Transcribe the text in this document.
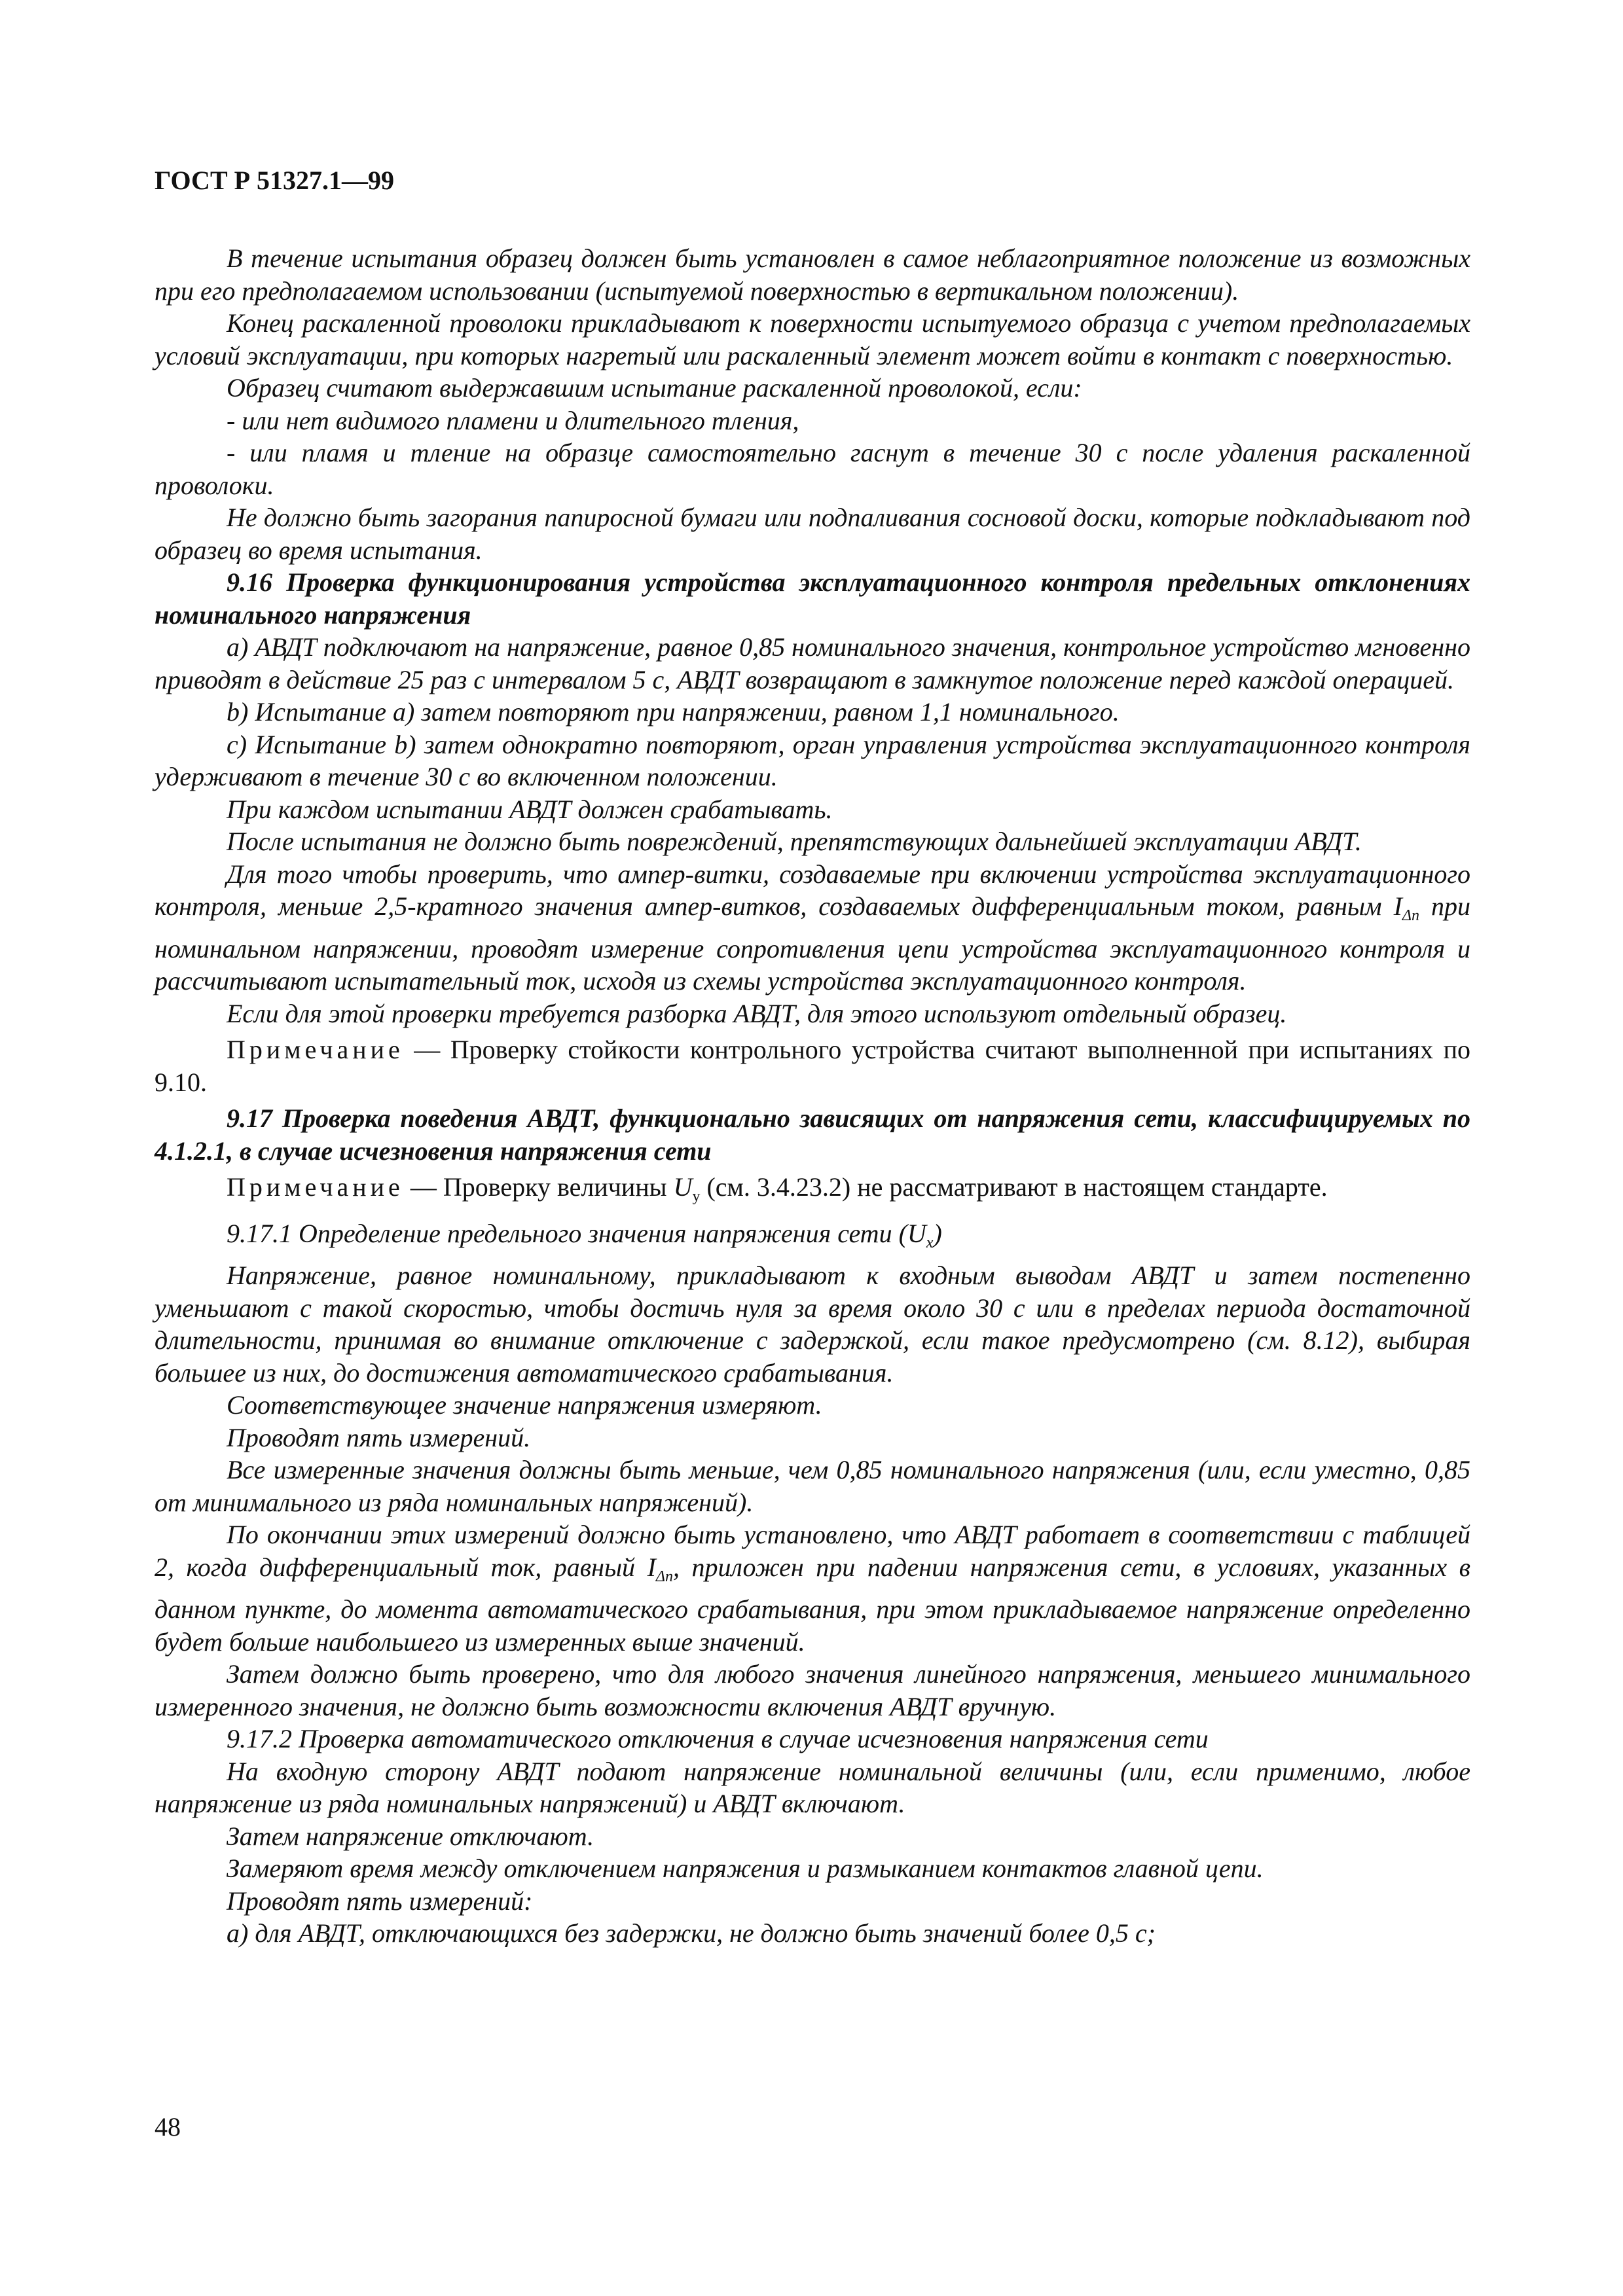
ГОСТ Р 51327.1—99

В течение испытания образец должен быть установлен в самое неблагоприятное положение из возможных при его предполагаемом использовании (испытуемой поверхностью в вертикальном положении).

Конец раскаленной проволоки прикладывают к поверхности испытуемого образца с учетом предполагаемых условий эксплуатации, при которых нагретый или раскаленный элемент может войти в контакт с поверхностью.

Образец считают выдержавшим испытание раскаленной проволокой, если:

- или нет видимого пламени и длительного тления,

- или пламя и тление на образце самостоятельно гаснут в течение 30 с после удаления раскаленной проволоки.

Не должно быть загорания папиросной бумаги или подпаливания сосновой доски, которые подкладывают под образец во время испытания.

9.16 Проверка функционирования устройства эксплуатационного контроля предельных отклонениях номинального напряжения

a) АВДТ подключают на напряжение, равное 0,85 номинального значения, контрольное устройство мгновенно приводят в действие 25 раз с интервалом 5 с, АВДТ возвращают в замкнутое положение перед каждой операцией.

b) Испытание a) затем повторяют при напряжении, равном 1,1 номинального.

c) Испытание b) затем однократно повторяют, орган управления устройства эксплуатационного контроля удерживают в течение 30 с во включенном положении.

При каждом испытании АВДТ должен срабатывать.

После испытания не должно быть повреждений, препятствующих дальнейшей эксплуатации АВДТ.

Для того чтобы проверить, что ампер-витки, создаваемые при включении устройства эксплуатационного контроля, меньше 2,5-кратного значения ампер-витков, создаваемых дифференциальным током, равным $I_{\Delta n}$ при номинальном напряжении, проводят измерение сопротивления цепи устройства эксплуатационного контроля и рассчитывают испытательный ток, исходя из схемы устройства эксплуатационного контроля.

Если для этой проверки требуется разборка АВДТ, для этого используют отдельный образец.

Примечание — Проверку стойкости контрольного устройства считают выполненной при испытаниях по 9.10.

9.17 Проверка поведения АВДТ, функционально зависящих от напряжения сети, классифицируемых по 4.1.2.1, в случае исчезновения напряжения сети

Примечание — Проверку величины $U_y$ (см. 3.4.23.2) не рассматривают в настоящем стандарте.

9.17.1 Определение предельного значения напряжения сети $(U_x)$

Напряжение, равное номинальному, прикладывают к входным выводам АВДТ и затем постепенно уменьшают с такой скоростью, чтобы достичь нуля за время около 30 с или в пределах периода достаточной длительности, принимая во внимание отключение с задержкой, если такое предусмотрено (см. 8.12), выбирая большее из них, до достижения автоматического срабатывания.

Соответствующее значение напряжения измеряют.

Проводят пять измерений.

Все измеренные значения должны быть меньше, чем 0,85 номинального напряжения (или, если уместно, 0,85 от минимального из ряда номинальных напряжений).

По окончании этих измерений должно быть установлено, что АВДТ работает в соответствии с таблицей 2, когда дифференциальный ток, равный $I_{\Delta n}$, приложен при падении напряжения сети, в условиях, указанных в данном пункте, до момента автоматического срабатывания, при этом прикладываемое напряжение определенно будет больше наибольшего из измеренных выше значений.

Затем должно быть проверено, что для любого значения линейного напряжения, меньшего минимального измеренного значения, не должно быть возможности включения АВДТ вручную.

9.17.2 Проверка автоматического отключения в случае исчезновения напряжения сети

На входную сторону АВДТ подают напряжение номинальной величины (или, если применимо, любое напряжение из ряда номинальных напряжений) и АВДТ включают.

Затем напряжение отключают.

Замеряют время между отключением напряжения и размыканием контактов главной цепи.

Проводят пять измерений:

a) для АВДТ, отключающихся без задержки, не должно быть значений более 0,5 с;

48
